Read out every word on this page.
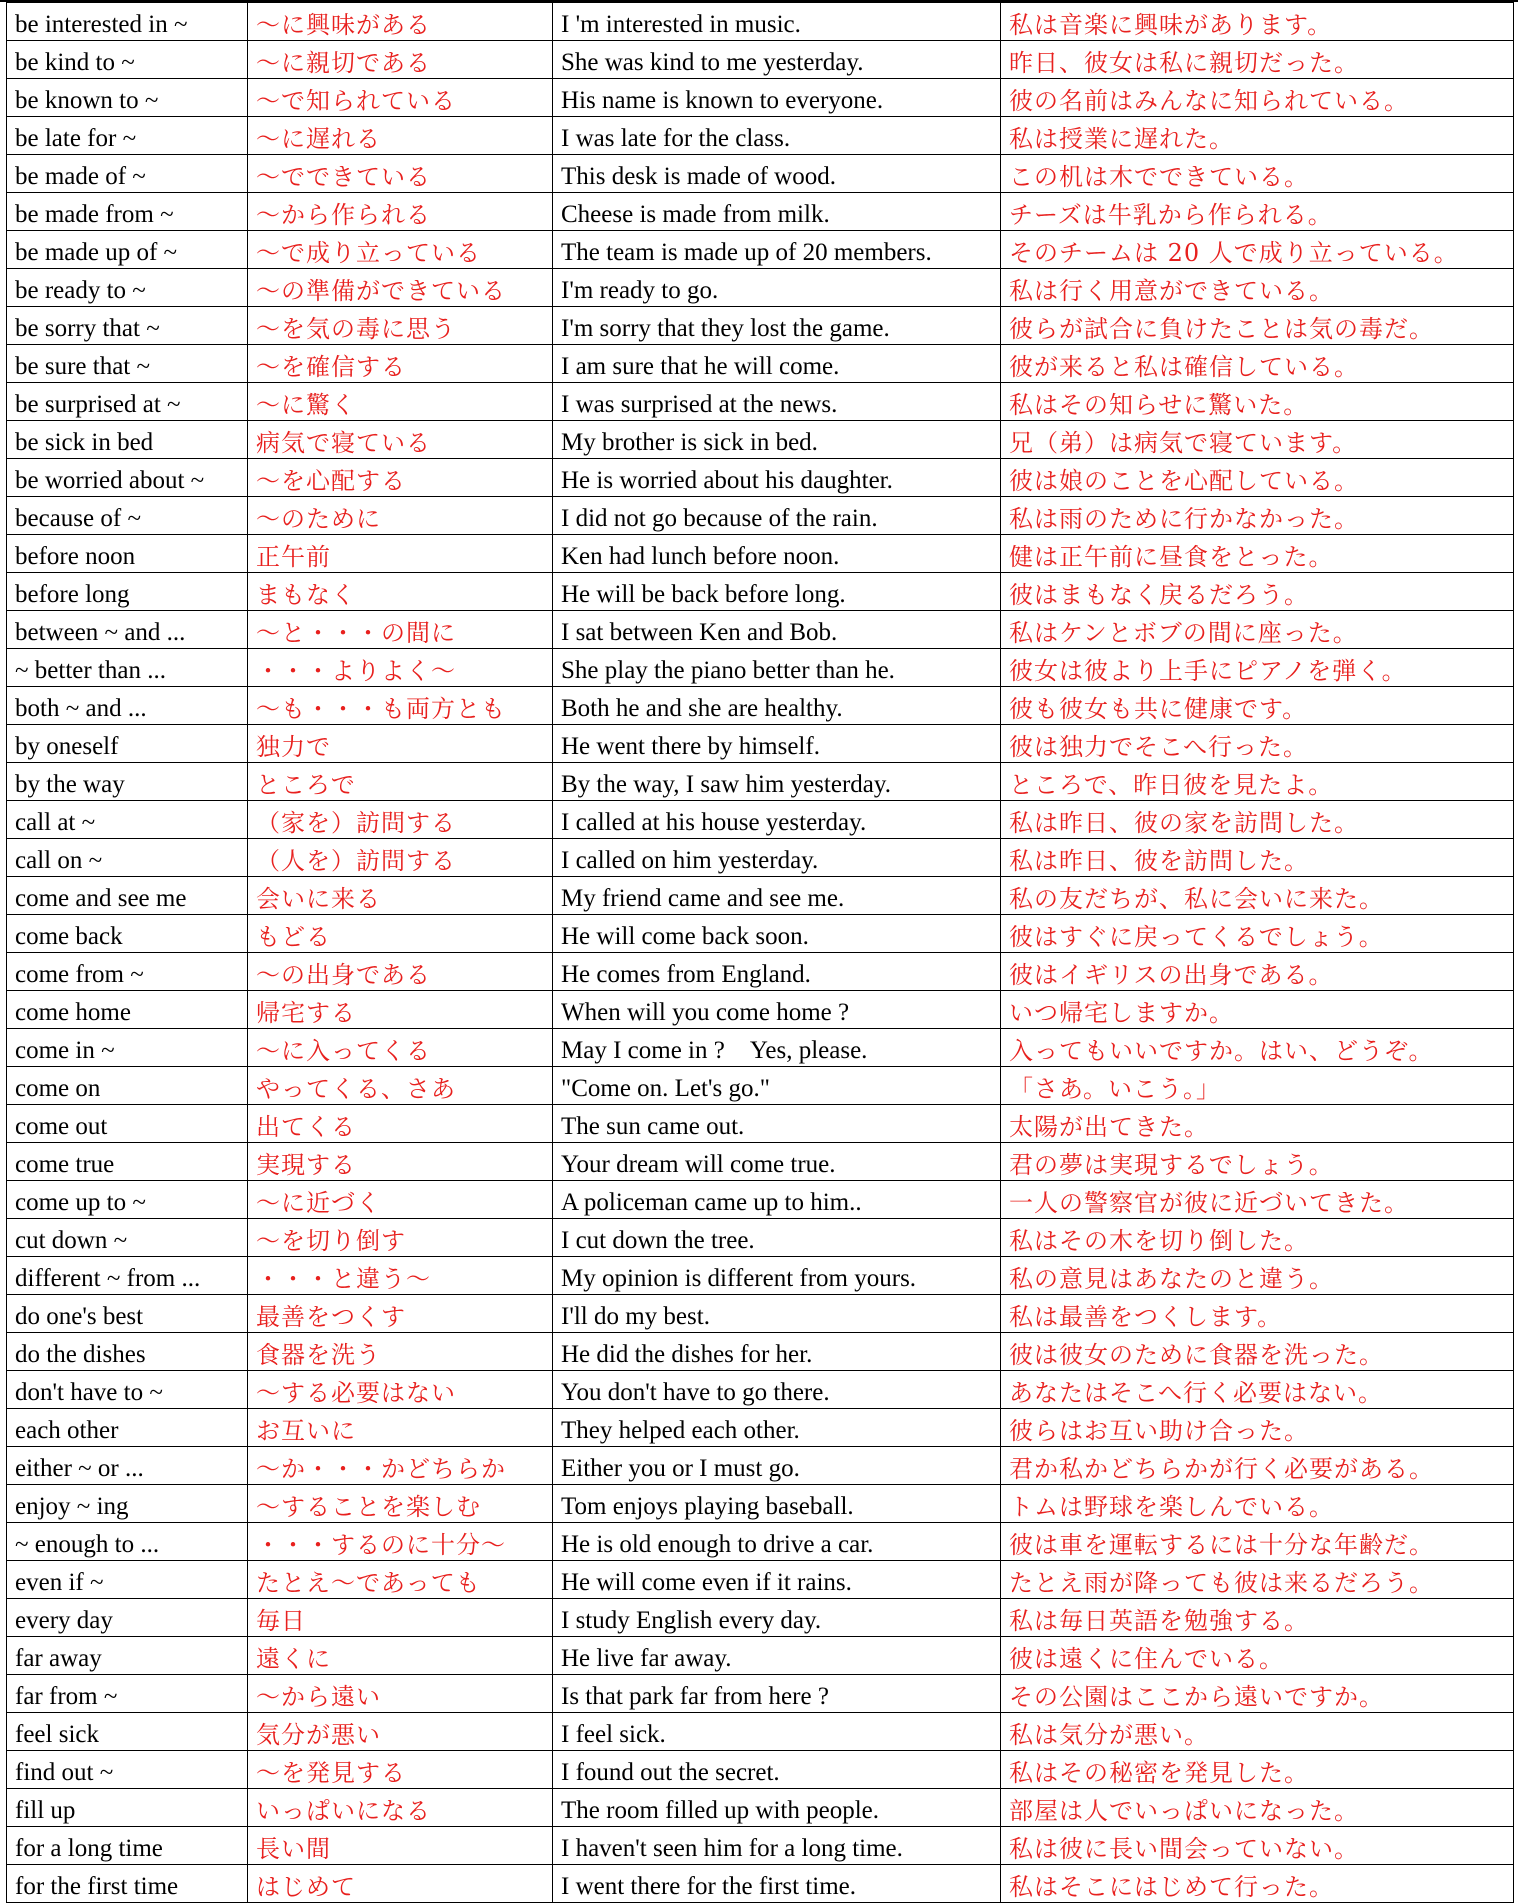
be interested in ~	〜に興味がある	I 'm interested in music.	私は音楽に興味があります。
be kind to ~	〜に親切である	She was kind to me yesterday.	昨日、彼女は私に親切だった。
be known to ~	〜で知られている	His name is known to everyone.	彼の名前はみんなに知られている。
be late for ~	〜に遅れる	I was late for the class.	私は授業に遅れた。
be made of ~	〜でできている	This desk is made of wood.	この机は木でできている。
be made from ~	〜から作られる	Cheese is made from milk.	チーズは牛乳から作られる。
be made up of ~	〜で成り立っている	The team is made up of 20 members.	そのチームは 20 人で成り立っている。
be ready to ~	〜の準備ができている	I'm ready to go.	私は行く用意ができている。
be sorry that ~	〜を気の毒に思う	I'm sorry that they lost the game.	彼らが試合に負けたことは気の毒だ。
be sure that ~	〜を確信する	I am sure that he will come.	彼が来ると私は確信している。
be surprised at ~	〜に驚く	I was surprised at the news.	私はその知らせに驚いた。
be sick in bed	病気で寝ている	My brother is sick in bed.	兄（弟）は病気で寝ています。
be worried about ~	〜を心配する	He is worried about his daughter.	彼は娘のことを心配している。
because of ~	〜のために	I did not go because of the rain.	私は雨のために行かなかった。
before noon	正午前	Ken had lunch before noon.	健は正午前に昼食をとった。
before long	まもなく	He will be back before long.	彼はまもなく戻るだろう。
between ~ and ...	〜と・・・の間に	I sat between Ken and Bob.	私はケンとボブの間に座った。
~ better than ...	・・・よりよく〜	She play the piano better than he.	彼女は彼より上手にピアノを弾く。
both ~ and ...	〜も・・・も両方とも	Both he and she are healthy.	彼も彼女も共に健康です。
by oneself	独力で	He went there by himself.	彼は独力でそこへ行った。
by the way	ところで	By the way, I saw him yesterday.	ところで、昨日彼を見たよ。
call at ~	（家を）訪問する	I called at his house yesterday.	私は昨日、彼の家を訪問した。
call on ~	（人を）訪問する	I called on him yesterday.	私は昨日、彼を訪問した。
come and see me	会いに来る	My friend came and see me.	私の友だちが、私に会いに来た。
come back	もどる	He will come back soon.	彼はすぐに戻ってくるでしょう。
come from ~	〜の出身である	He comes from England.	彼はイギリスの出身である。
come home	帰宅する	When will you come home ?	いつ帰宅しますか。
come in ~	〜に入ってくる	May I come in ?　Yes, please.	入ってもいいですか。はい、どうぞ。
come on	やってくる、さあ	"Come on. Let's go."	「さあ。いこう。」
come out	出てくる	The sun came out.	太陽が出てきた。
come true	実現する	Your dream will come true.	君の夢は実現するでしょう。
come up to ~	〜に近づく	A policeman came up to him..	一人の警察官が彼に近づいてきた。
cut down ~	〜を切り倒す	I cut down the tree.	私はその木を切り倒した。
different ~ from ...	・・・と違う〜	My opinion is different from yours.	私の意見はあなたのと違う。
do one's best	最善をつくす	I'll do my best.	私は最善をつくします。
do the dishes	食器を洗う	He did the dishes for her.	彼は彼女のために食器を洗った。
don't have to ~	〜する必要はない	You don't have to go there.	あなたはそこへ行く必要はない。
each other	お互いに	They helped each other.	彼らはお互い助け合った。
either ~ or ...	〜か・・・かどちらか	Either you or I must go.	君か私かどちらかが行く必要がある。
enjoy ~ ing	〜することを楽しむ	Tom enjoys playing baseball.	トムは野球を楽しんでいる。
~ enough to ...	・・・するのに十分〜	He is old enough to drive a car.	彼は車を運転するには十分な年齢だ。
even if ~	たとえ〜であっても	He will come even if it rains.	たとえ雨が降っても彼は来るだろう。
every day	毎日	I study English every day.	私は毎日英語を勉強する。
far away	遠くに	He live far away.	彼は遠くに住んでいる。
far from ~	〜から遠い	Is that park far from here ?	その公園はここから遠いですか。
feel sick	気分が悪い	I feel sick.	私は気分が悪い。
find out ~	〜を発見する	I found out the secret.	私はその秘密を発見した。
fill up	いっぱいになる	The room filled up with people.	部屋は人でいっぱいになった。
for a long time	長い間	I haven't seen him for a long time.	私は彼に長い間会っていない。
for the first time	はじめて	I went there for the first time.	私はそこにはじめて行った。
